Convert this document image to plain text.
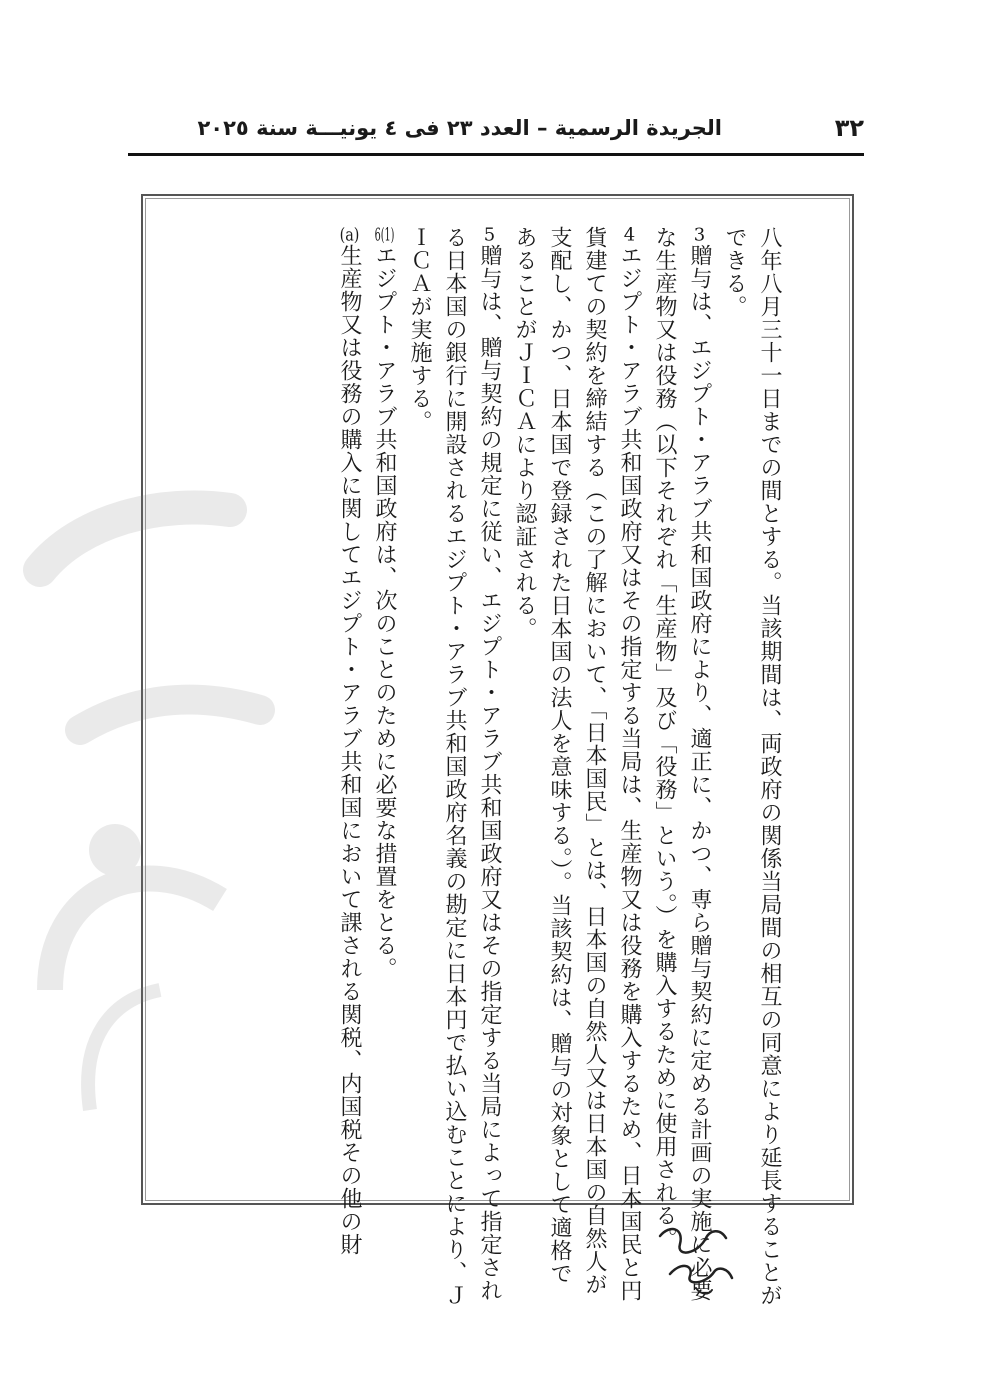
٣٢
الجريدة الرسمية – العدد ٢٣ فى ٤ يونيـــة سنة ٢٠٢٥
八年八月三十一日までの間とする。当該期間は、両政府の関係当局間の相互の同意により延長することが
できる。
3贈与は、エジプト・アラブ共和国政府により、適正に、かつ、専ら贈与契約に定める計画の実施に必要
な生産物又は役務（以下それぞれ「生産物」及び「役務」という。）を購入するために使用される。
4エジプト・アラブ共和国政府又はその指定する当局は、生産物又は役務を購入するため、日本国民と円
貨建ての契約を締結する（この了解において、「日本国民」とは、日本国の自然人又は日本国の自然人が
支配し、かつ、日本国で登録された日本国の法人を意味する。）。当該契約は、贈与の対象として適格で
あることがＪＩＣＡにより認証される。
5贈与は、贈与契約の規定に従い、エジプト・アラブ共和国政府又はその指定する当局によって指定され
る日本国の銀行に開設されるエジプト・アラブ共和国政府名義の勘定に日本円で払い込むことにより、Ｊ
ＩＣＡが実施する。
6(1)エジプト・アラブ共和国政府は、次のことのために必要な措置をとる。
(a)生産物又は役務の購入に関してエジプト・アラブ共和国において課される関税、内国税その他の財
